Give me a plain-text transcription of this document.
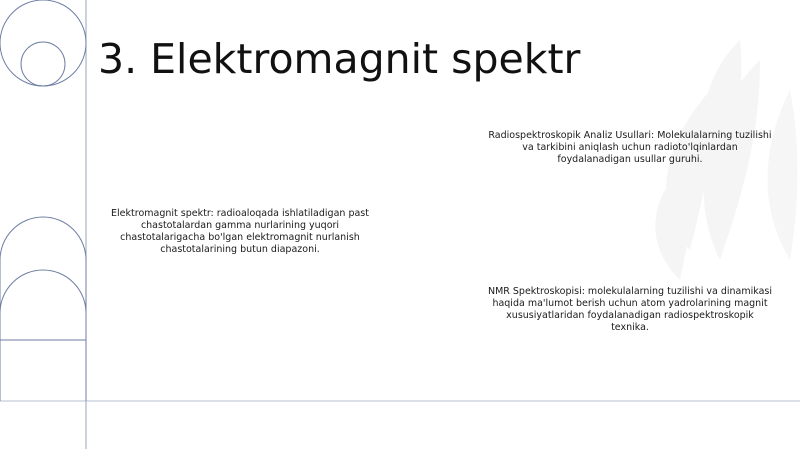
3. Elektromagnit spektr
Elektromagnit spektr: radioaloqada ishlatiladigan past chastotalardan gamma nurlarining yuqori chastotalarigacha bo'lgan elektromagnit nurlanish chastotalarining butun diapazoni.
Radiospektroskopik Analiz Usullari: Molekulalarning tuzilishi va tarkibini aniqlash uchun radioto'lqinlardan foydalanadigan usullar guruhi.
NMR Spektroskopisi: molekulalarning tuzilishi va dinamikasi haqida ma'lumot berish uchun atom yadrolarining magnit xususiyatlaridan foydalanadigan radiospektroskopik texnika.
